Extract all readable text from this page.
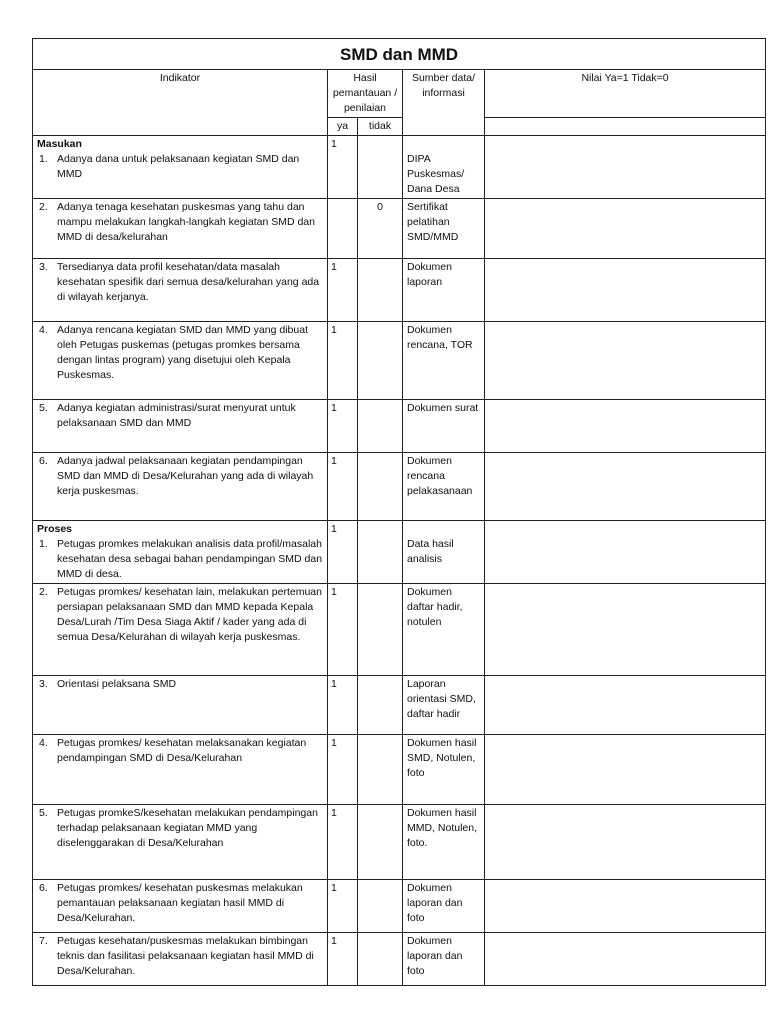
SMD dan MMD				
Indikator	Hasil pemantauan / penilaian		Sumber data/ informasi	Nilai Ya=1 Tidak=0
	ya	tidak		

Masukan
1. Adanya dana untuk pelaksanaan kegiatan SMD dan MMD	1		DIPA Puskesmas/ Dana Desa	

2. Adanya tenaga kesehatan puskesmas yang tahu dan mampu melakukan langkah-langkah kegiatan SMD dan MMD di desa/kelurahan		0	Sertifikat pelatihan SMD/MMD	

3. Tersedianya data profil kesehatan/data masalah kesehatan spesifik dari semua desa/kelurahan yang ada di wilayah kerjanya.	1		Dokumen laporan	

4. Adanya rencana kegiatan SMD dan MMD yang dibuat oleh Petugas puskemas (petugas promkes bersama dengan lintas program) yang disetujui oleh Kepala Puskesmas.	1		Dokumen rencana, TOR	

5. Adanya kegiatan administrasi/surat menyurat untuk pelaksanaan SMD dan MMD	1		Dokumen surat	

6. Adanya jadwal pelaksanaan kegiatan pendampingan SMD dan MMD di Desa/Kelurahan yang ada di wilayah kerja puskesmas.	1		Dokumen rencana pelakasanaan	

Proses
1. Petugas promkes melakukan analisis data profil/masalah kesehatan desa sebagai bahan pendampingan SMD dan MMD di desa.	1		Data hasil analisis	

2. Petugas promkes/ kesehatan lain, melakukan pertemuan persiapan pelaksanaan SMD dan MMD kepada Kepala Desa/Lurah /Tim Desa Siaga Aktif / kader yang ada di semua Desa/Kelurahan di wilayah kerja puskesmas.	1		Dokumen daftar hadir, notulen	

3. Orientasi pelaksana SMD	1		Laporan orientasi SMD, daftar hadir	

4. Petugas promkes/ kesehatan melaksanakan kegiatan pendampingan SMD di Desa/Kelurahan	1		Dokumen hasil SMD, Notulen, foto	

5. Petugas promkeS/kesehatan melakukan pendampingan terhadap pelaksanaan kegiatan MMD yang diselenggarakan di Desa/Kelurahan	1		Dokumen hasil MMD, Notulen, foto.	

6. Petugas promkes/ kesehatan puskesmas melakukan pemantauan pelaksanaan kegiatan hasil MMD di Desa/Kelurahan.	1		Dokumen laporan dan foto	

7. Petugas kesehatan/puskesmas melakukan bimbingan teknis dan fasilitasi pelaksanaan kegiatan hasil MMD di Desa/Kelurahan.	1		Dokumen laporan dan foto	
